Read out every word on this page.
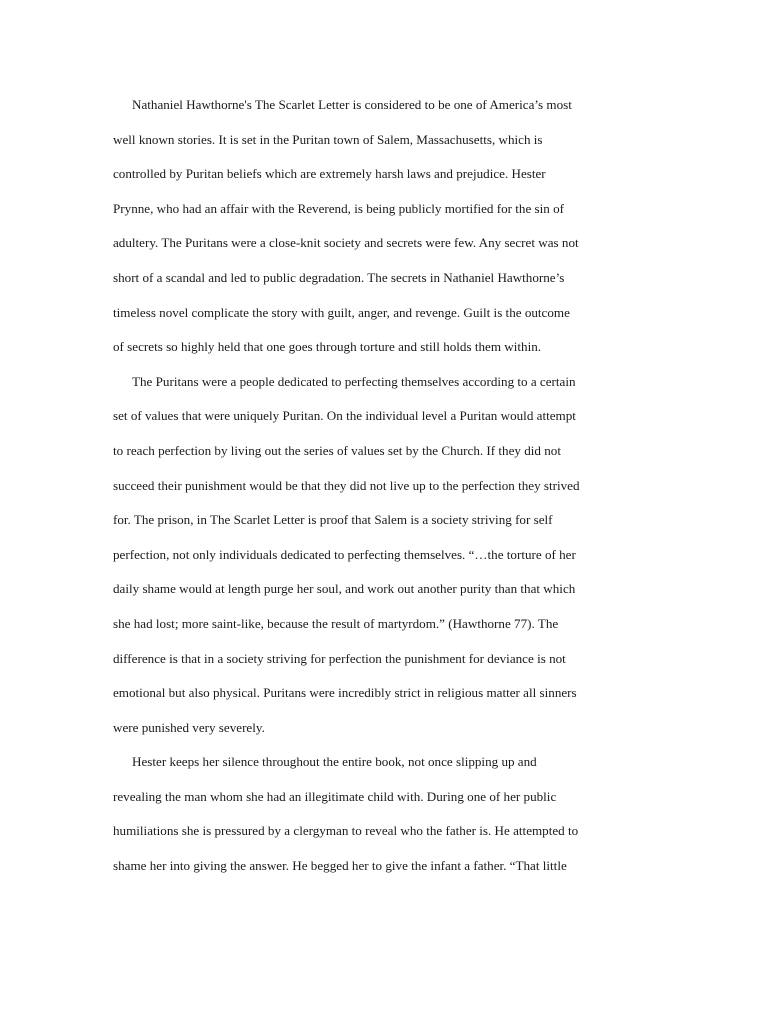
Nathaniel Hawthorne's The Scarlet Letter is considered to be one of America’s most
well known stories. It is set in the Puritan town of Salem, Massachusetts, which is
controlled by Puritan beliefs which are extremely harsh laws and prejudice. Hester
Prynne, who had an affair with the Reverend, is being publicly mortified for the sin of
adultery. The Puritans were a close-knit society and secrets were few. Any secret was not
short of a scandal and led to public degradation. The secrets in Nathaniel Hawthorne’s
timeless novel complicate the story with guilt, anger, and revenge. Guilt is the outcome
of secrets so highly held that one goes through torture and still holds them within.
The Puritans were a people dedicated to perfecting themselves according to a certain
set of values that were uniquely Puritan. On the individual level a Puritan would attempt
to reach perfection by living out the series of values set by the Church. If they did not
succeed their punishment would be that they did not live up to the perfection they strived
for. The prison, in The Scarlet Letter is proof that Salem is a society striving for self
perfection, not only individuals dedicated to perfecting themselves. “…the torture of her
daily shame would at length purge her soul, and work out another purity than that which
she had lost; more saint-like, because the result of martyrdom.” (Hawthorne 77). The
difference is that in a society striving for perfection the punishment for deviance is not
emotional but also physical. Puritans were incredibly strict in religious matter all sinners
were punished very severely.
Hester keeps her silence throughout the entire book, not once slipping up and
revealing the man whom she had an illegitimate child with. During one of her public
humiliations she is pressured by a clergyman to reveal who the father is. He attempted to
shame her into giving the answer. He begged her to give the infant a father. “That little
